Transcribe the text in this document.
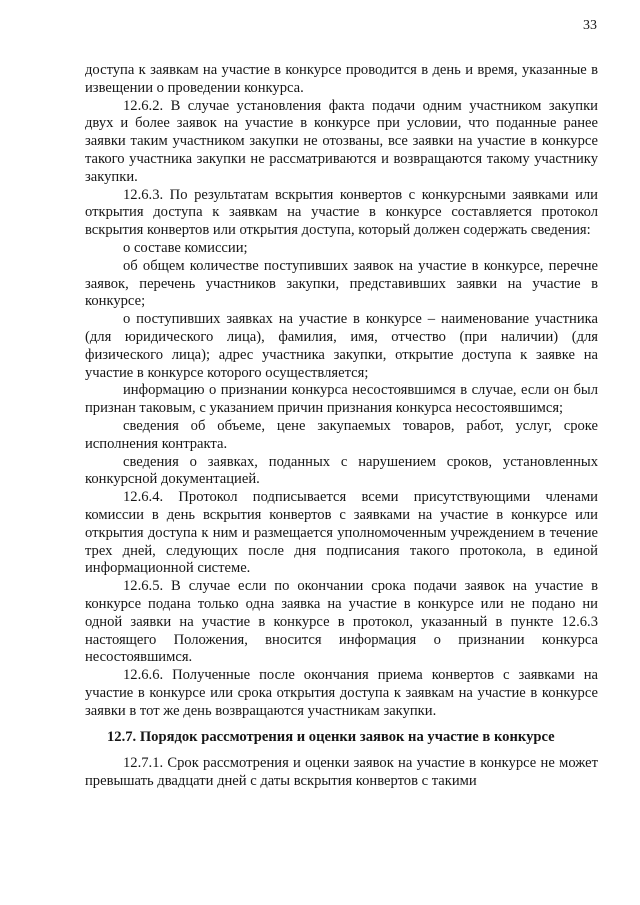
33

доступа к заявкам на участие в конкурсе проводится в день и время, указанные в извещении о проведении конкурса.

12.6.2. В случае установления факта подачи одним участником закупки двух и более заявок на участие в конкурсе при условии, что поданные ранее заявки таким участником закупки не отозваны, все заявки на участие в конкурсе такого участника закупки не рассматриваются и возвращаются такому участнику закупки.

12.6.3. По результатам вскрытия конвертов с конкурсными заявками или открытия доступа к заявкам на участие в конкурсе составляется протокол вскрытия конвертов или открытия доступа, который должен содержать сведения:

о составе комиссии;

об общем количестве поступивших заявок на участие в конкурсе, перечне заявок, перечень участников закупки, представивших заявки на участие в конкурсе;

о поступивших заявках на участие в конкурсе – наименование участника (для юридического лица), фамилия, имя, отчество (при наличии) (для физического лица); адрес участника закупки, открытие доступа к заявке на участие в конкурсе которого осуществляется;

информацию о признании конкурса несостоявшимся в случае, если он был признан таковым, с указанием причин признания конкурса несостоявшимся;

сведения об объеме, цене закупаемых товаров, работ, услуг, сроке исполнения контракта.

сведения о заявках, поданных с нарушением сроков, установленных конкурсной документацией.

12.6.4. Протокол подписывается всеми присутствующими членами комиссии в день вскрытия конвертов с заявками на участие в конкурсе или открытия доступа к ним и размещается уполномоченным учреждением в течение трех дней, следующих после дня подписания такого протокола, в единой информационной системе.

12.6.5. В случае если по окончании срока подачи заявок на участие в конкурсе подана только одна заявка на участие в конкурсе или не подано ни одной заявки на участие в конкурсе в протокол, указанный в пункте 12.6.3 настоящего Положения, вносится информация о признании конкурса несостоявшимся.

12.6.6. Полученные после окончания приема конвертов с заявками на участие в конкурсе или срока открытия доступа к заявкам на участие в конкурсе заявки в тот же день возвращаются участникам закупки.

12.7. Порядок рассмотрения и оценки заявок на участие в конкурсе

12.7.1. Срок рассмотрения и оценки заявок на участие в конкурсе не может превышать двадцати дней с даты вскрытия конвертов с такими
